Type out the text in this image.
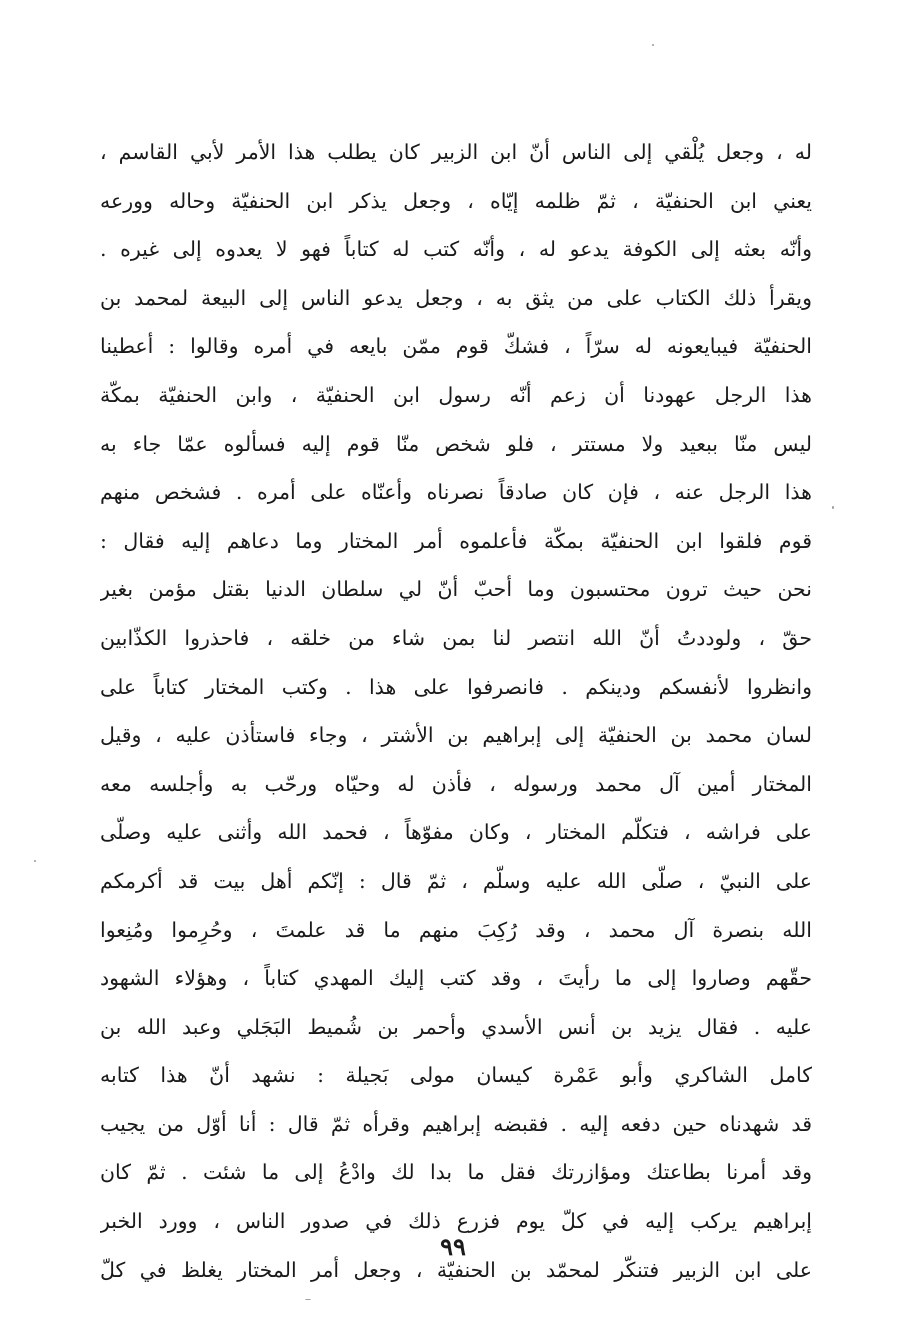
له ، وجعل يُلْقي إلى الناس أنّ ابن الزبير كان يطلب هذا الأمر لأبي القاسم ،
يعني ابن الحنفيّة ، ثمّ ظلمه إيّاه ، وجعل يذكر ابن الحنفيّة وحاله وورعه
وأنّه بعثه إلى الكوفة يدعو له ، وأنّه كتب له كتاباً فهو لا يعدوه إلى غيره .
ويقرأ ذلك الكتاب على من يثق به ، وجعل يدعو الناس إلى البيعة لمحمد بن
الحنفيّة فيبايعونه له سرّاً ، فشكّ قوم ممّن بايعه في أمره وقالوا : أعطينا
هذا الرجل عهودنا أن زعم أنّه رسول ابن الحنفيّة ، وابن الحنفيّة بمكّة
ليس منّا ببعيد ولا مستتر ، فلو شخص منّا قوم إليه فسألوه عمّا جاء به
هذا الرجل عنه ، فإن كان صادقاً نصرناه وأعنّاه على أمره . فشخص منهم
قوم فلقوا ابن الحنفيّة بمكّة فأعلموه أمر المختار وما دعاهم إليه فقال :
نحن حيث ترون محتسبون وما أحبّ أنّ لي سلطان الدنيا بقتل مؤمن بغير
حقّ ، ولوددتُ أنّ الله انتصر لنا بمن شاء من خلقه ، فاحذروا الكذّابين
وانظروا لأنفسكم ودينكم . فانصرفوا على هذا . وكتب المختار كتاباً على
لسان محمد بن الحنفيّة إلى إبراهيم بن الأشتر ، وجاء فاستأذن عليه ، وقيل
المختار أمين آل محمد ورسوله ، فأذن له وحيّاه ورحّب به وأجلسه معه
على فراشه ، فتكلّم المختار ، وكان مفوّهاً ، فحمد الله وأثنى عليه وصلّى
على النبيّ ، صلّى الله عليه وسلّم ، ثمّ قال : إنّكم أهل بيت قد أكرمكم
الله بنصرة آل محمد ، وقد رُكِبَ منهم ما قد علمتَ ، وحُرِموا ومُنِعوا
حقّهم وصاروا إلى ما رأيتَ ، وقد كتب إليك المهدي كتاباً ، وهؤلاء الشهود
عليه . فقال يزيد بن أنس الأسدي وأحمر بن شُميط البَجَلي وعبد الله بن
كامل الشاكري وأبو عَمْرة كيسان مولى بَجيلة : نشهد أنّ هذا كتابه
قد شهدناه حين دفعه إليه . فقبضه إبراهيم وقرأه ثمّ قال : أنا أوّل من يجيب
وقد أمرنا بطاعتك ومؤازرتك فقل ما بدا لك وادْعُ إلى ما شئت . ثمّ كان
إبراهيم يركب إليه في كلّ يوم فزرع ذلك في صدور الناس ، وورد الخبر
على ابن الزبير فتنكّر لمحمّد بن الحنفيّة ، وجعل أمر المختار يغلظ في كلّ
٩٩
